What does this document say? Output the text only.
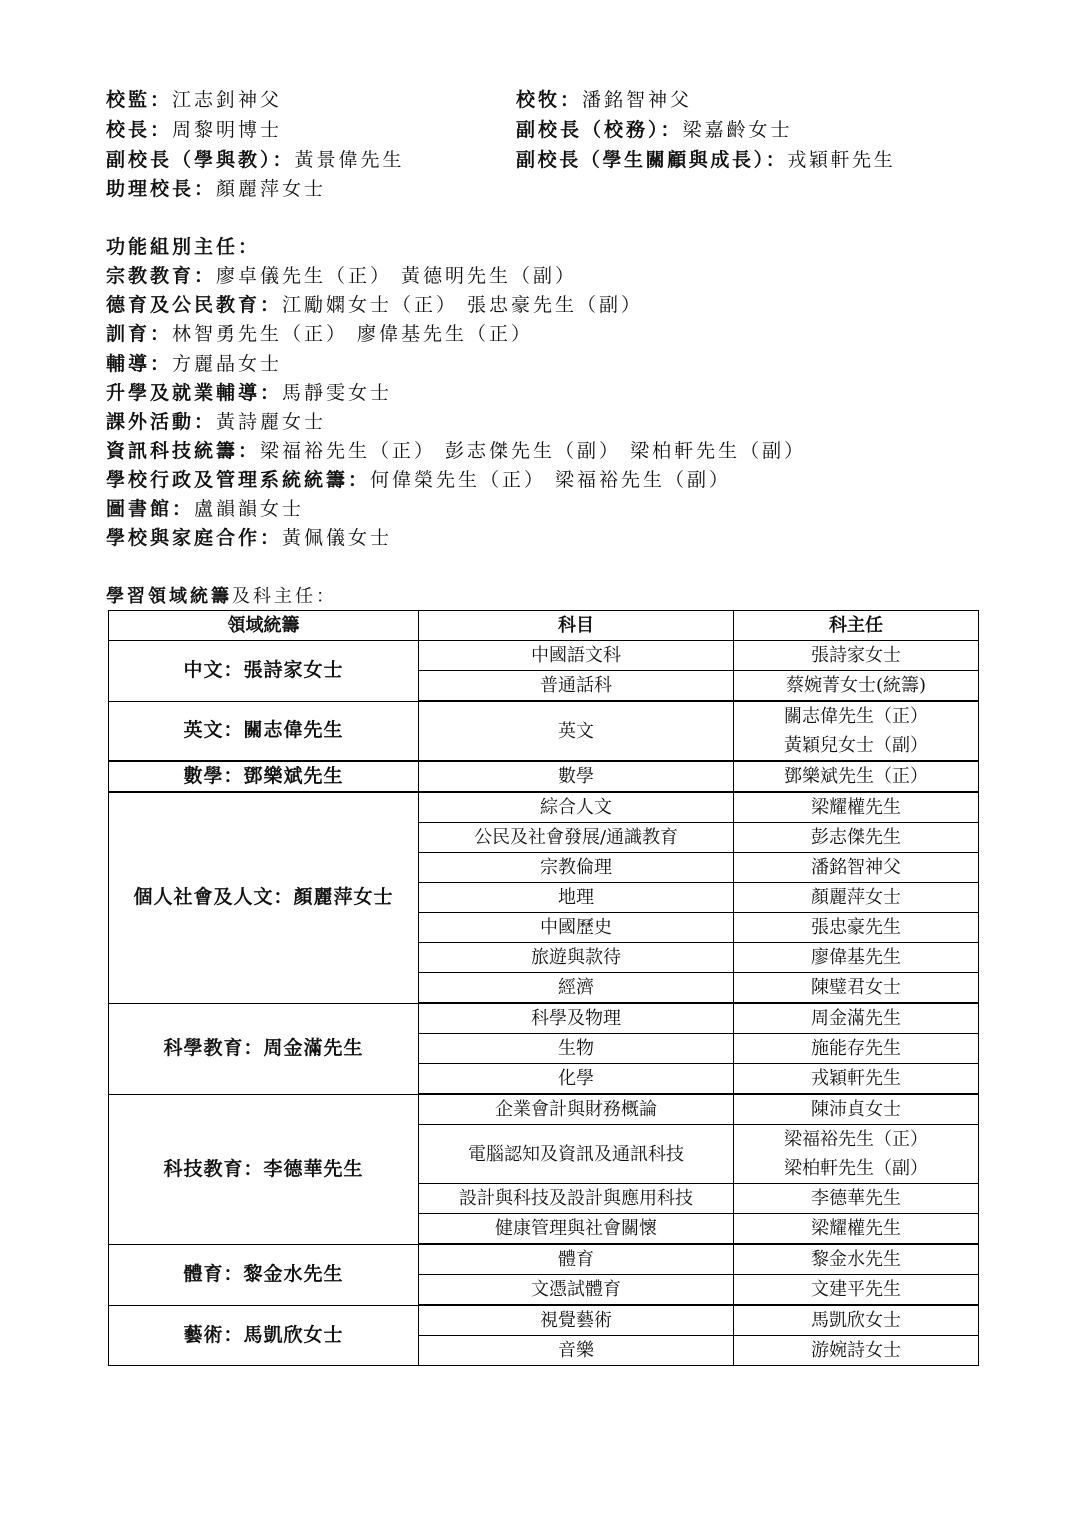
校監：江志釗神父	校牧：潘銘智神父
校長：周黎明博士	副校長（校務）：梁嘉齡女士
副校長（學與教）：黃景偉先生	副校長（學生關顧與成長）：戎穎軒先生
助理校長：顏麗萍女士
功能組別主任：
宗教教育：廖卓儀先生（正） 黃德明先生（副）
德育及公民教育：江勵嫻女士（正） 張忠豪先生（副）
訓育：林智勇先生（正） 廖偉基先生（正）
輔導：方麗晶女士
升學及就業輔導：馬靜雯女士
課外活動：黃詩麗女士
資訊科技統籌：梁福裕先生（正） 彭志傑先生（副） 梁柏軒先生（副）
學校行政及管理系統統籌：何偉榮先生（正） 梁福裕先生（副）
圖書館：盧韻韻女士
學校與家庭合作：黃佩儀女士
學習領域統籌及科主任：
領域統籌	科目	科主任
中文：張詩家女士	中國語文科	張詩家女士
	普通話科	蔡婉菁女士(統籌)
英文：關志偉先生	英文	關志偉先生（正）
黃穎兒女士（副）

數學：鄧樂斌先生	數學	鄧樂斌先生（正）
個人社會及人文：顏麗萍女士	綜合人文	梁耀權先生
	公民及社會發展/通識教育	彭志傑先生
	宗教倫理	潘銘智神父
	地理	顏麗萍女士
	中國歷史	張忠豪先生
	旅遊與款待	廖偉基先生
	經濟	陳璧君女士
科學教育：周金滿先生	科學及物理	周金滿先生
	生物	施能存先生
	化學	戎穎軒先生
科技教育：李德華先生	企業會計與財務概論	陳沛貞女士
	電腦認知及資訊及通訊科技	梁福裕先生（正）
梁柏軒先生（副）

	設計與科技及設計與應用科技	李德華先生
	健康管理與社會關懷	梁耀權先生
體育：黎金水先生	體育	黎金水先生
	文憑試體育	文建平先生
藝術：馬凱欣女士	視覺藝術	馬凱欣女士
	音樂	游婉詩女士
